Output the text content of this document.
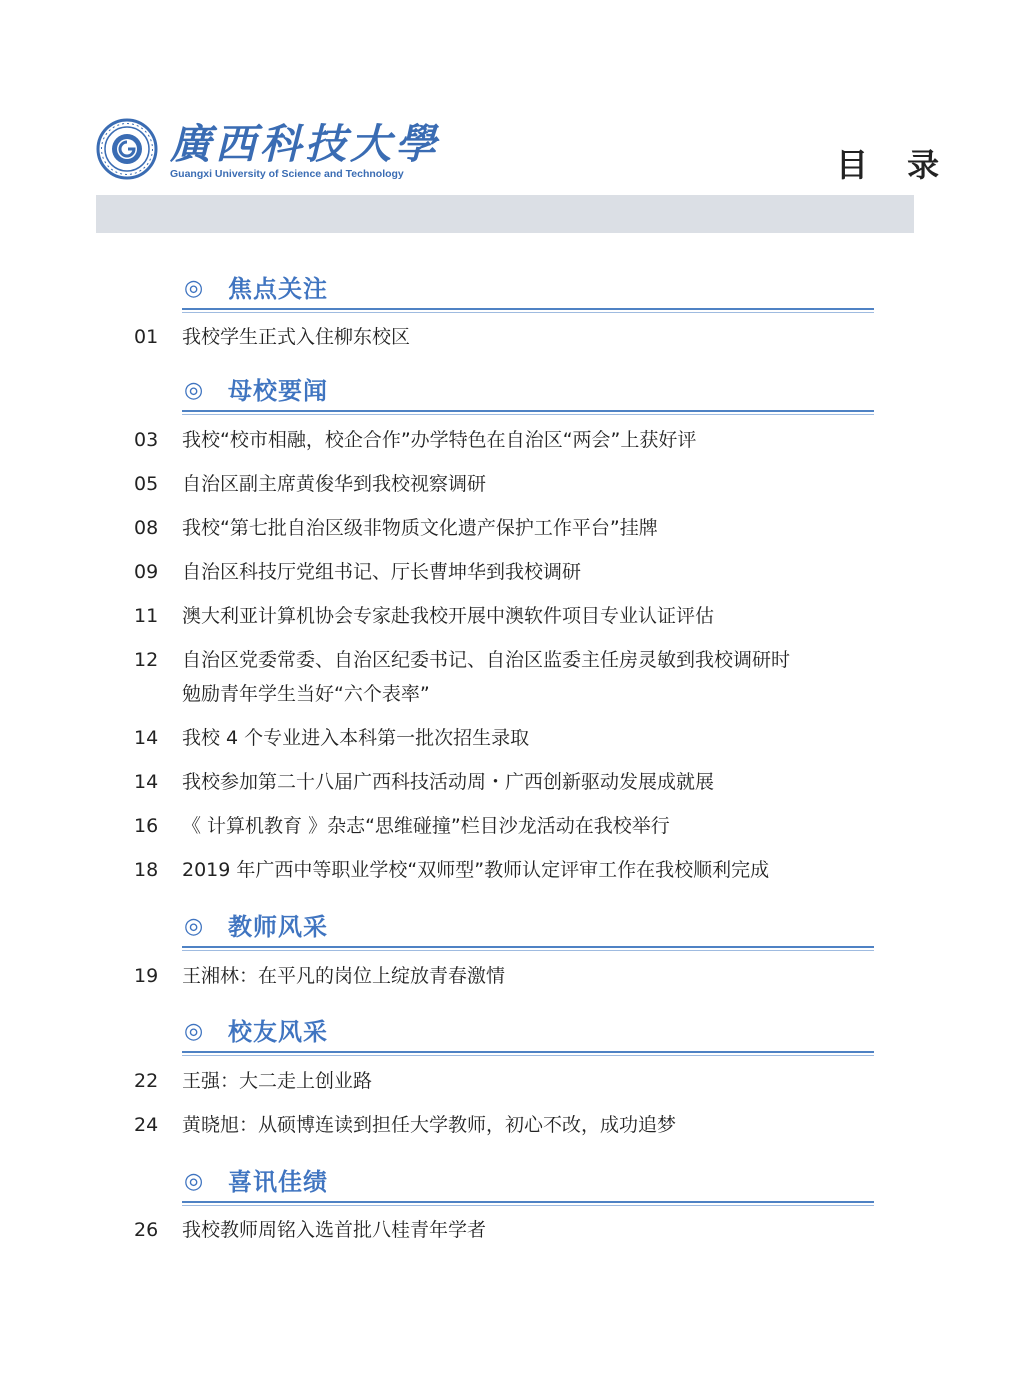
廣西科技大學
Guangxi University of Science and Technology	目 录
◎ 焦点关注
01	我校学生正式入住柳东校区
◎ 母校要闻
03	我校“校市相融，校企合作”办学特色在自治区“两会”上获好评
05	自治区副主席黄俊华到我校视察调研
08	我校“第七批自治区级非物质文化遗产保护工作平台”挂牌
09	自治区科技厅党组书记、厅长曹坤华到我校调研
11	澳大利亚计算机协会专家赴我校开展中澳软件项目专业认证评估
12	自治区党委常委、自治区纪委书记、自治区监委主任房灵敏到我校调研时
勉励青年学生当好“六个表率”
14	我校 4 个专业进入本科第一批次招生录取
14	我校参加第二十八届广西科技活动周・广西创新驱动发展成就展
16	《 计算机教育 》杂志“思维碰撞”栏目沙龙活动在我校举行
18	2019 年广西中等职业学校“双师型”教师认定评审工作在我校顺利完成
◎ 教师风采
19	王湘林：在平凡的岗位上绽放青春激情
◎ 校友风采
22	王强：大二走上创业路
24	黄晓旭：从硕博连读到担任大学教师，初心不改，成功追梦
◎ 喜讯佳绩
26	我校教师周铭入选首批八桂青年学者
